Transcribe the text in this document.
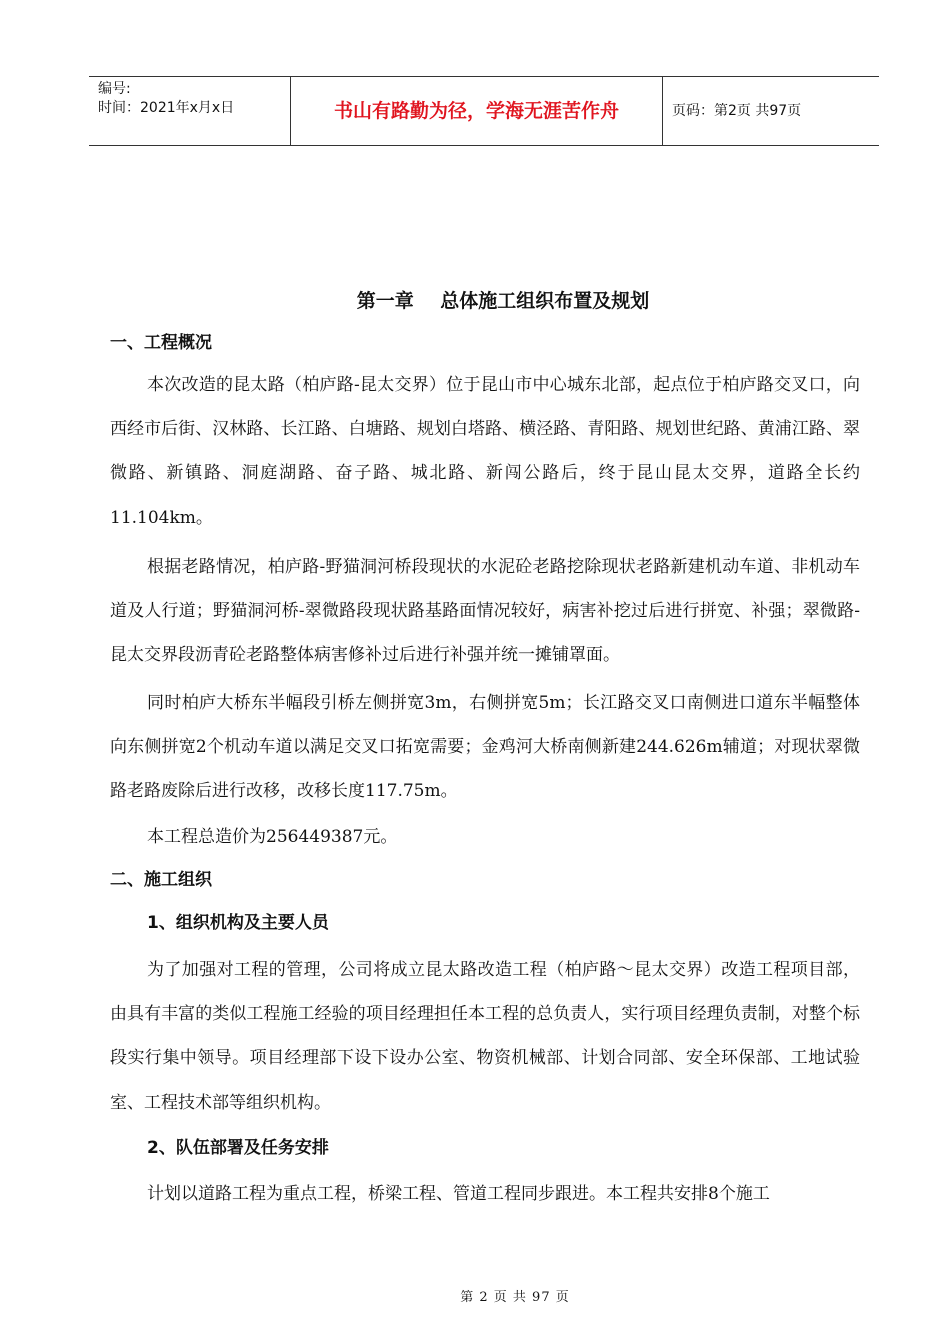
编号:
时间：2021年x月x日	书山有路勤为径，学海无涯苦作舟	页码：第2页 共97页
第一章    总体施工组织布置及规划
一、工程概况

本次改造的昆太路（柏庐路-昆太交界）位于昆山市中心城东北部，起点位于柏庐路交叉口，向西经市后街、汉林路、长江路、白塘路、规划白塔路、横泾路、青阳路、规划世纪路、黄浦江路、翠微路、新镇路、洞庭湖路、奋子路、城北路、新闯公路后，终于昆山昆太交界，道路全长约11.104km。

根据老路情况，柏庐路-野猫洞河桥段现状的水泥砼老路挖除现状老路新建机动车道、非机动车道及人行道；野猫洞河桥-翠微路段现状路基路面情况较好，病害补挖过后进行拼宽、补强；翠微路-昆太交界段沥青砼老路整体病害修补过后进行补强并统一摊铺罩面。

同时柏庐大桥东半幅段引桥左侧拼宽3m，右侧拼宽5m；长江路交叉口南侧进口道东半幅整体向东侧拼宽2个机动车道以满足交叉口拓宽需要；金鸡河大桥南侧新建244.626m辅道；对现状翠微路老路废除后进行改移，改移长度117.75m。

本工程总造价为256449387元。

二、施工组织
1、组织机构及主要人员

为了加强对工程的管理，公司将成立昆太路改造工程（柏庐路～昆太交界）改造工程项目部，由具有丰富的类似工程施工经验的项目经理担任本工程的总负责人，实行项目经理负责制，对整个标段实行集中领导。项目经理部下设下设办公室、物资机械部、计划合同部、安全环保部、工地试验室、工程技术部等组织机构。

2、队伍部署及任务安排

计划以道路工程为重点工程，桥梁工程、管道工程同步跟进。本工程共安排8个施工

第 2 页 共 97 页
